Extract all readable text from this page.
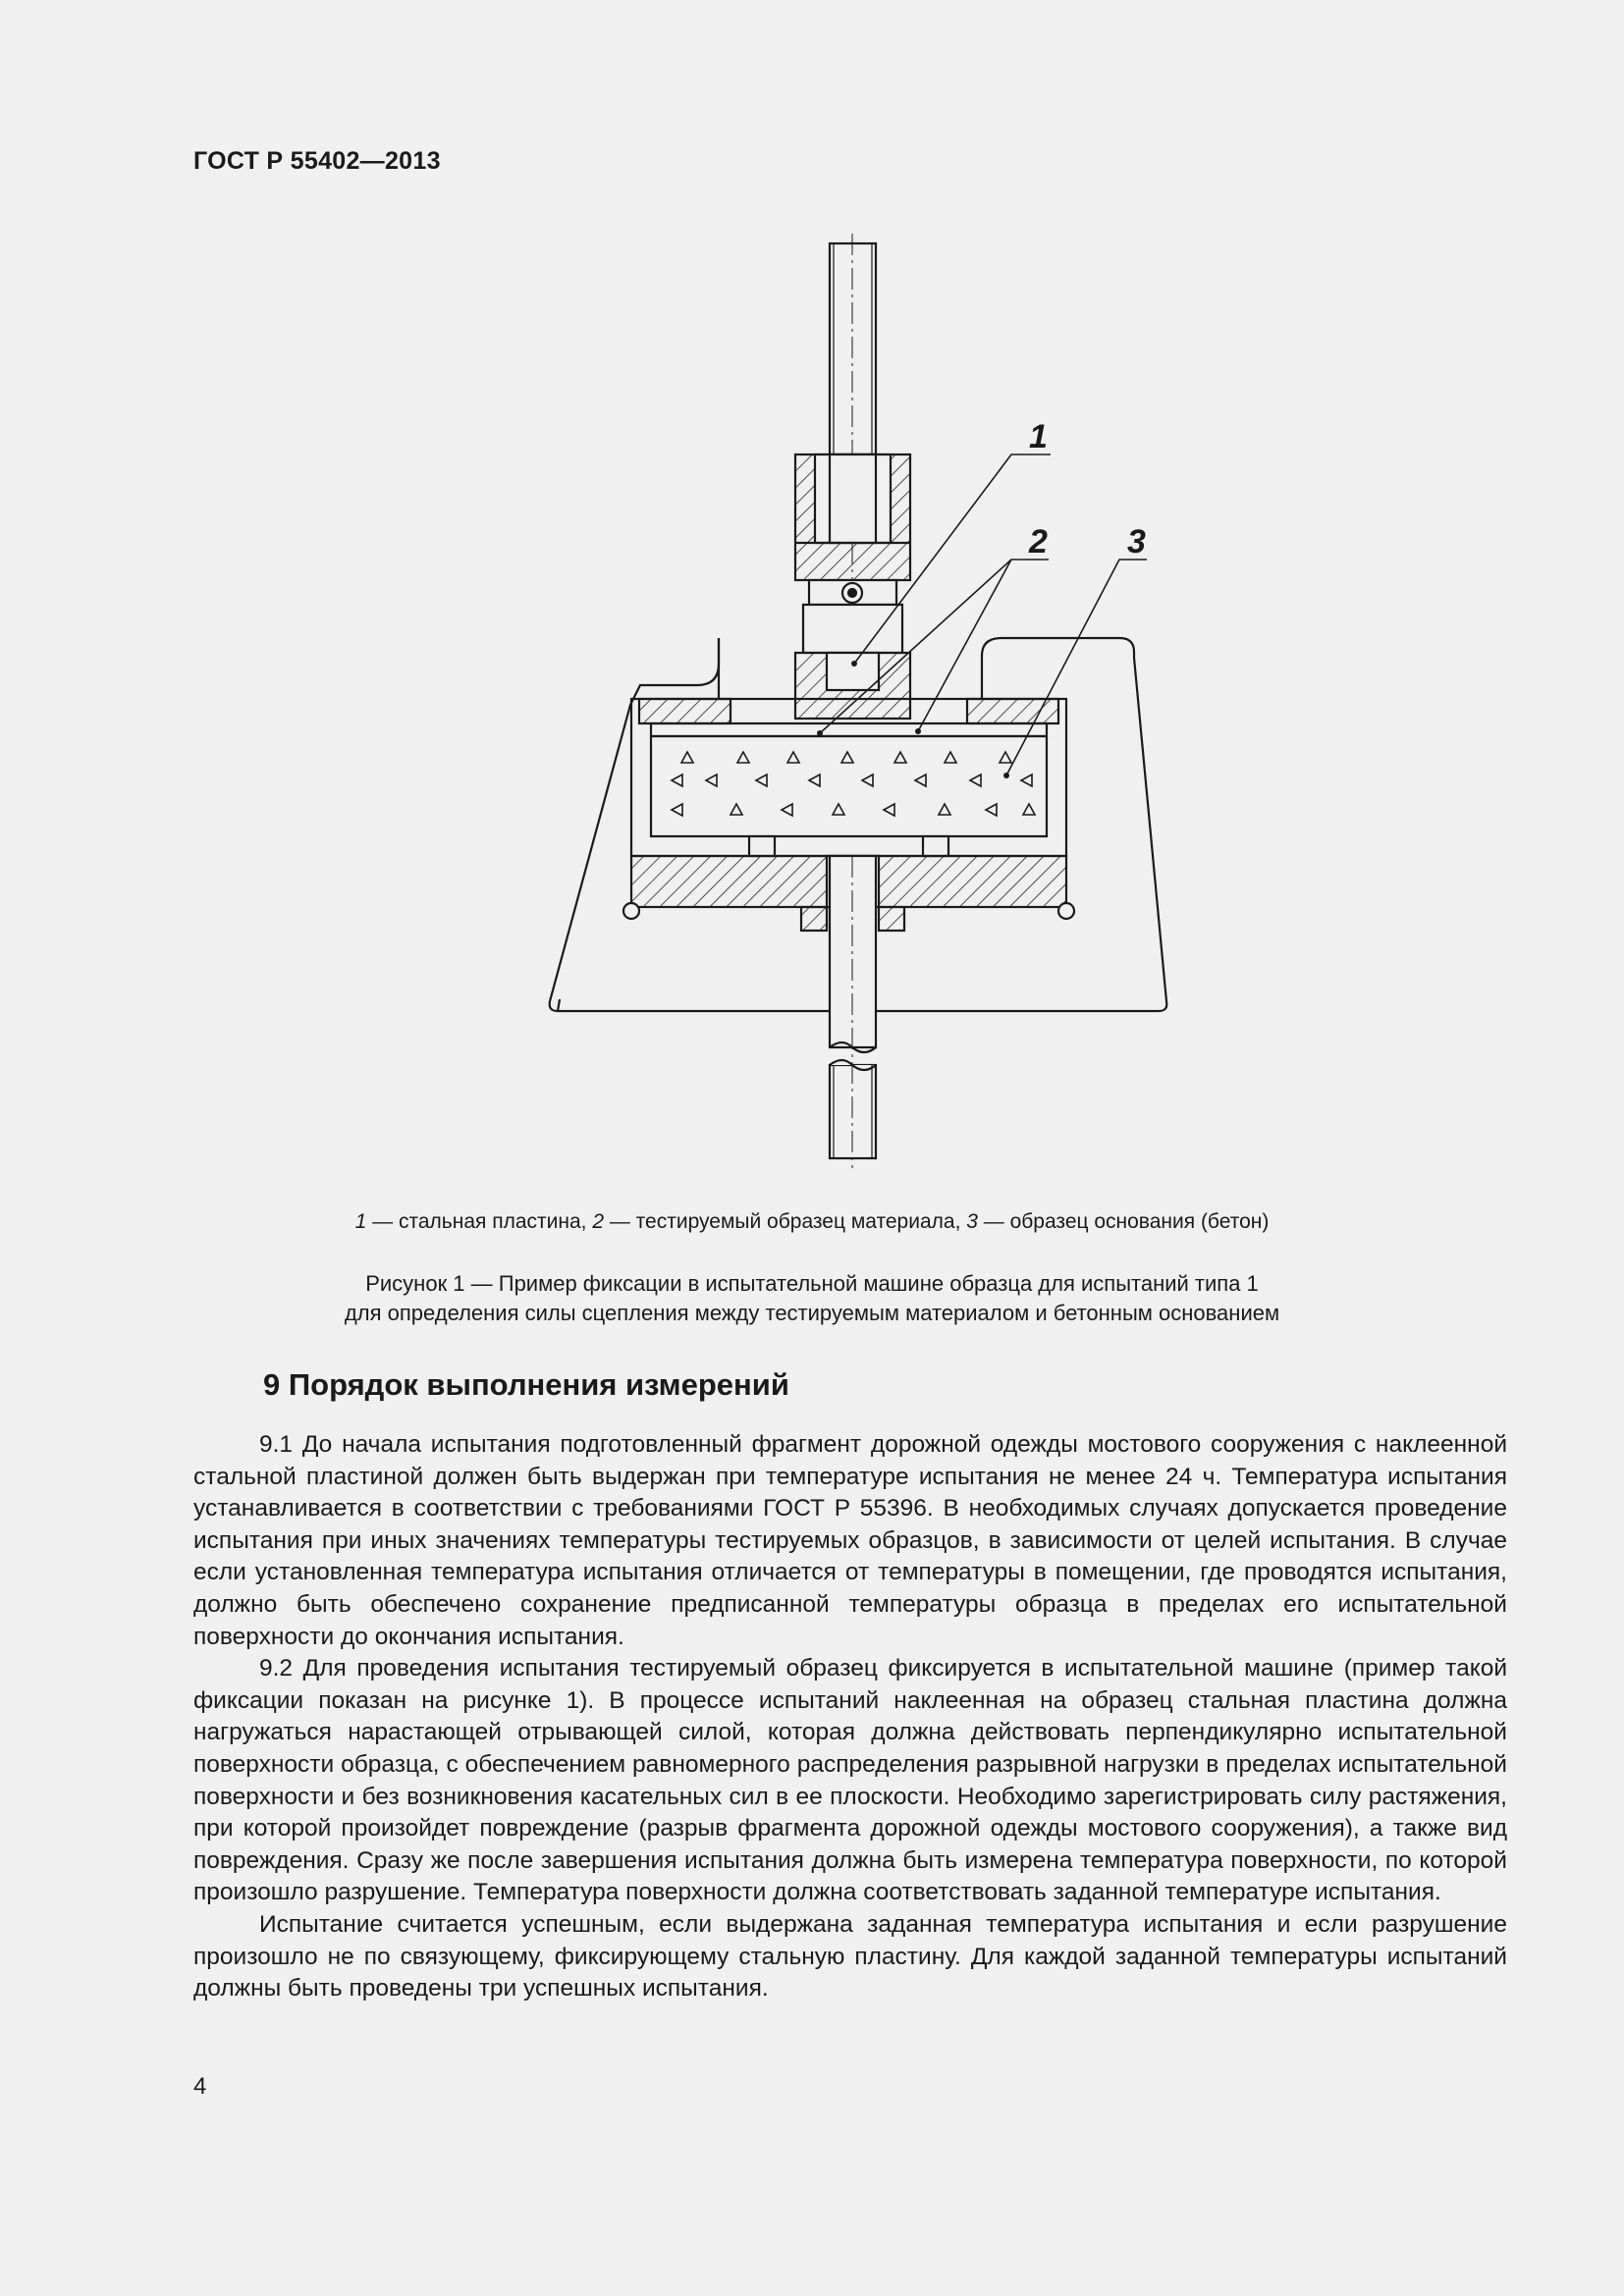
ГОСТ Р 55402—2013
1
2 3
1 — стальная пластина, 2 — тестируемый образец материала, 3 — образец основания (бетон)
Рисунок 1 — Пример фиксации в испытательной машине образца для испытаний типа 1
для определения силы сцепления между тестируемым материалом и бетонным основанием
9 Порядок выполнения измерений

9.1 До начала испытания подготовленный фрагмент дорожной одежды мостового сооружения с наклеенной стальной пластиной должен быть выдержан при температуре испытания не менее 24 ч. Температура испытания устанавливается в соответствии с требованиями ГОСТ Р 55396. В необходимых случаях допускается проведение испытания при иных значениях температуры тестируемых образцов, в зависимости от целей испытания. В случае если установленная температура испытания отличается от температуры в помещении, где проводятся испытания, должно быть обеспечено сохранение предписанной температуры образца в пределах его испытательной поверхности до окончания испытания.

9.2 Для проведения испытания тестируемый образец фиксируется в испытательной машине (пример такой фиксации показан на рисунке 1). В процессе испытаний наклеенная на образец стальная пластина должна нагружаться нарастающей отрывающей силой, которая должна действовать перпендикулярно испытательной поверхности образца, с обеспечением равномерного распределения разрывной нагрузки в пределах испытательной поверхности и без возникновения касательных сил в ее плоскости. Необходимо зарегистрировать силу растяжения, при которой произойдет повреждение (разрыв фрагмента дорожной одежды мостового сооружения), а также вид повреждения. Сразу же после завершения испытания должна быть измерена температура поверхности, по которой произошло разрушение. Температура поверхности должна соответствовать заданной температуре испытания.

Испытание считается успешным, если выдержана заданная температура испытания и если разрушение произошло не по связующему, фиксирующему стальную пластину. Для каждой заданной температуры испытаний должны быть проведены три успешных испытания.

4
